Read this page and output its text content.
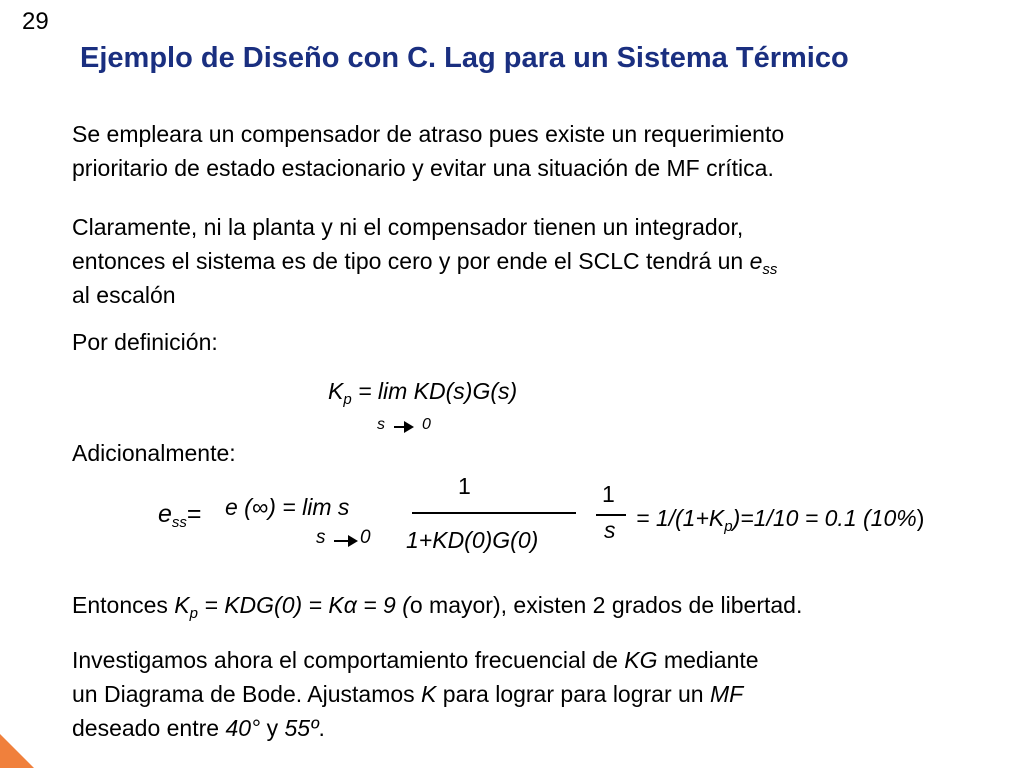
29
Ejemplo de Diseño con C. Lag para un Sistema Térmico
Se empleara un compensador de atraso pues existe un requerimiento
prioritario de estado estacionario y evitar una situación de MF crítica.
Claramente, ni la planta y ni el compensador tienen un integrador,
entonces el sistema es de tipo cero y por ende el SCLC tendrá un $e_{ss}$
al escalón
Por definición:
$K_p = \lim KD(s)G(s)$
s 0
Adicionalmente:
$e_{ss}= e$ (∞) = lim s
s 0
1
1+KD(0)G(0)
1
$s = 1/(1+K_p)=1/10 = 0.1$ (10%)
Entonces $K_p = KDG(0) = K\alpha = 9$ (o mayor), existen 2 grados de libertad.
Investigamos ahora el comportamiento frecuencial de KG mediante
un Diagrama de Bode. Ajustamos K para lograr para lograr un MF
deseado entre 40° y 55º.
